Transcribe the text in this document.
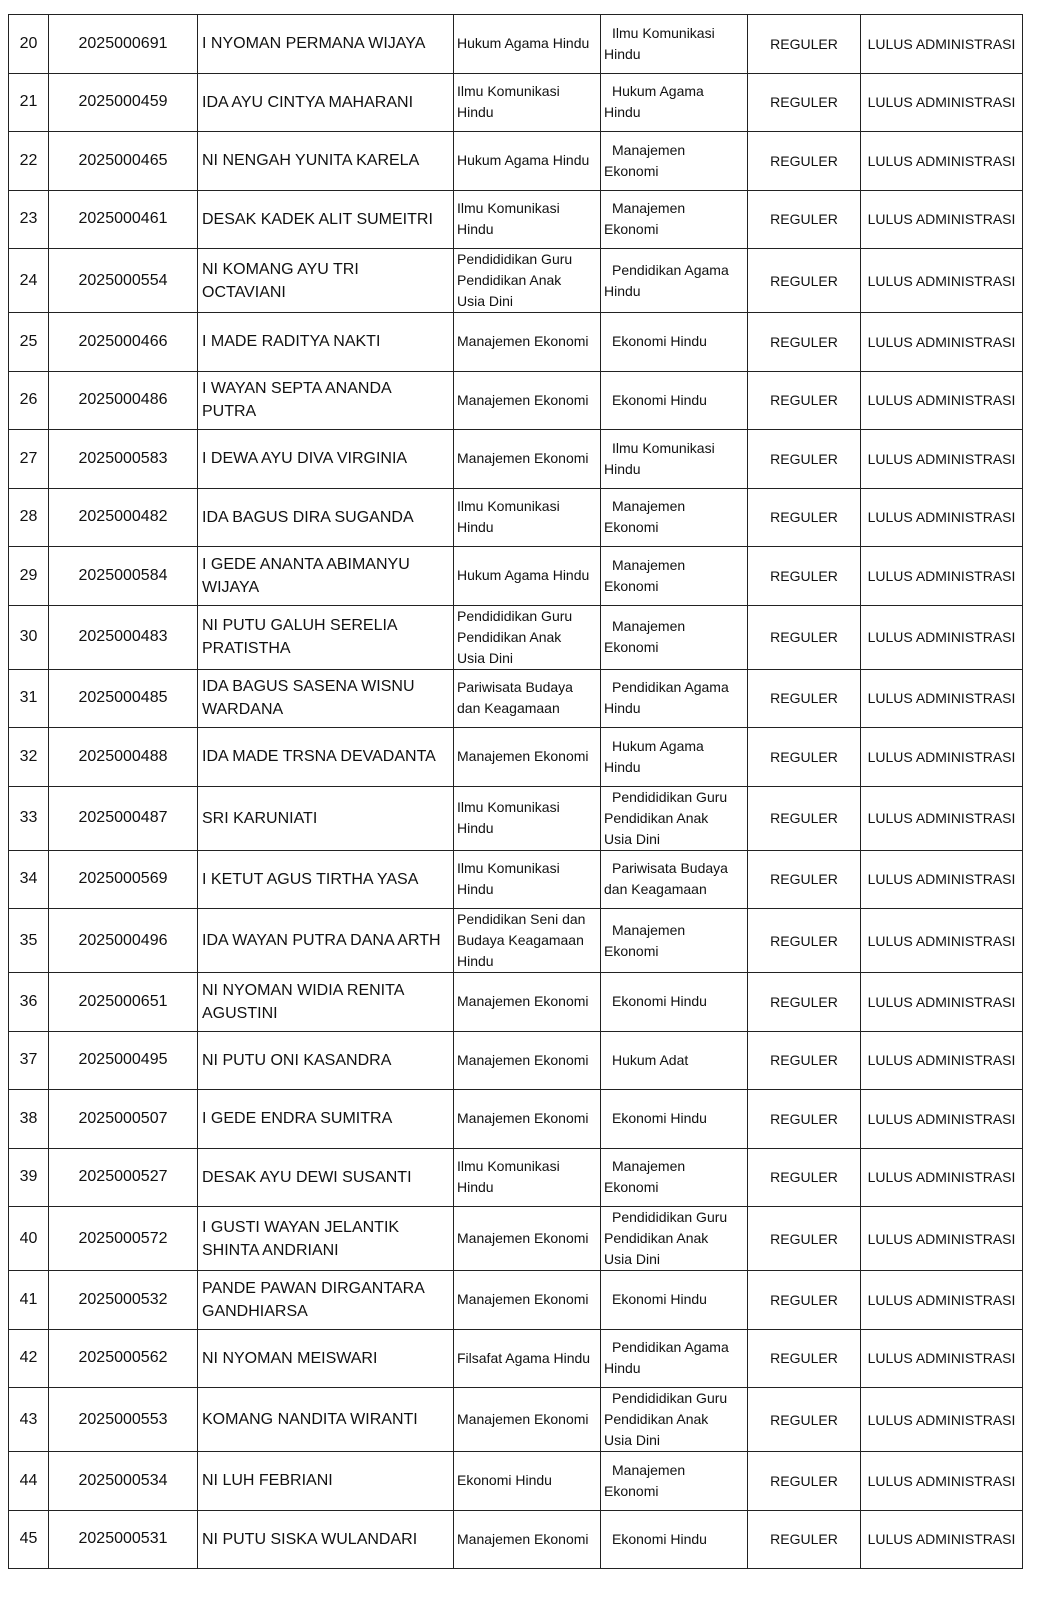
20	2025000691	I NYOMAN PERMANA WIJAYA	Hukum Agama Hindu	Ilmu Komunikasi
Hindu	REGULER	LULUS ADMINISTRASI
21	2025000459	IDA AYU CINTYA MAHARANI	Ilmu Komunikasi
Hindu	Hukum Agama
Hindu	REGULER	LULUS ADMINISTRASI
22	2025000465	NI NENGAH YUNITA KARELA	Hukum Agama Hindu	Manajemen
Ekonomi	REGULER	LULUS ADMINISTRASI
23	2025000461	DESAK KADEK ALIT SUMEITRI	Ilmu Komunikasi
Hindu	Manajemen
Ekonomi	REGULER	LULUS ADMINISTRASI
24	2025000554	NI KOMANG AYU TRI
OCTAVIANI	Pendididikan Guru
Pendidikan Anak
Usia Dini	Pendidikan Agama
Hindu	REGULER	LULUS ADMINISTRASI
25	2025000466	I MADE RADITYA NAKTI	Manajemen Ekonomi	Ekonomi Hindu	REGULER	LULUS ADMINISTRASI
26	2025000486	I WAYAN SEPTA ANANDA
PUTRA	Manajemen Ekonomi	Ekonomi Hindu	REGULER	LULUS ADMINISTRASI
27	2025000583	I DEWA AYU DIVA VIRGINIA	Manajemen Ekonomi	Ilmu Komunikasi
Hindu	REGULER	LULUS ADMINISTRASI
28	2025000482	IDA BAGUS DIRA SUGANDA	Ilmu Komunikasi
Hindu	Manajemen
Ekonomi	REGULER	LULUS ADMINISTRASI
29	2025000584	I GEDE ANANTA ABIMANYU
WIJAYA	Hukum Agama Hindu	Manajemen
Ekonomi	REGULER	LULUS ADMINISTRASI
30	2025000483	NI PUTU GALUH SERELIA
PRATISTHA	Pendididikan Guru
Pendidikan Anak
Usia Dini	Manajemen
Ekonomi	REGULER	LULUS ADMINISTRASI
31	2025000485	IDA BAGUS SASENA WISNU
WARDANA	Pariwisata Budaya
dan Keagamaan	Pendidikan Agama
Hindu	REGULER	LULUS ADMINISTRASI
32	2025000488	IDA MADE TRSNA DEVADANTA	Manajemen Ekonomi	Hukum Agama
Hindu	REGULER	LULUS ADMINISTRASI
33	2025000487	SRI KARUNIATI	Ilmu Komunikasi
Hindu	Pendididikan Guru
Pendidikan Anak
Usia Dini	REGULER	LULUS ADMINISTRASI
34	2025000569	I KETUT AGUS TIRTHA YASA	Ilmu Komunikasi
Hindu	Pariwisata Budaya
dan Keagamaan	REGULER	LULUS ADMINISTRASI
35	2025000496	IDA WAYAN PUTRA DANA ARTH	Pendidikan Seni dan
Budaya Keagamaan
Hindu	Manajemen
Ekonomi	REGULER	LULUS ADMINISTRASI
36	2025000651	NI NYOMAN WIDIA RENITA
AGUSTINI	Manajemen Ekonomi	Ekonomi Hindu	REGULER	LULUS ADMINISTRASI
37	2025000495	NI PUTU ONI KASANDRA	Manajemen Ekonomi	Hukum Adat	REGULER	LULUS ADMINISTRASI
38	2025000507	I GEDE ENDRA SUMITRA	Manajemen Ekonomi	Ekonomi Hindu	REGULER	LULUS ADMINISTRASI
39	2025000527	DESAK AYU DEWI SUSANTI	Ilmu Komunikasi
Hindu	Manajemen
Ekonomi	REGULER	LULUS ADMINISTRASI
40	2025000572	I GUSTI WAYAN JELANTIK
SHINTA ANDRIANI	Manajemen Ekonomi	Pendididikan Guru
Pendidikan Anak
Usia Dini	REGULER	LULUS ADMINISTRASI
41	2025000532	PANDE PAWAN DIRGANTARA
GANDHIARSA	Manajemen Ekonomi	Ekonomi Hindu	REGULER	LULUS ADMINISTRASI
42	2025000562	NI NYOMAN MEISWARI	Filsafat Agama Hindu	Pendidikan Agama
Hindu	REGULER	LULUS ADMINISTRASI
43	2025000553	KOMANG NANDITA WIRANTI	Manajemen Ekonomi	Pendididikan Guru
Pendidikan Anak
Usia Dini	REGULER	LULUS ADMINISTRASI
44	2025000534	NI LUH FEBRIANI	Ekonomi Hindu	Manajemen
Ekonomi	REGULER	LULUS ADMINISTRASI
45	2025000531	NI PUTU SISKA WULANDARI	Manajemen Ekonomi	Ekonomi Hindu	REGULER	LULUS ADMINISTRASI
